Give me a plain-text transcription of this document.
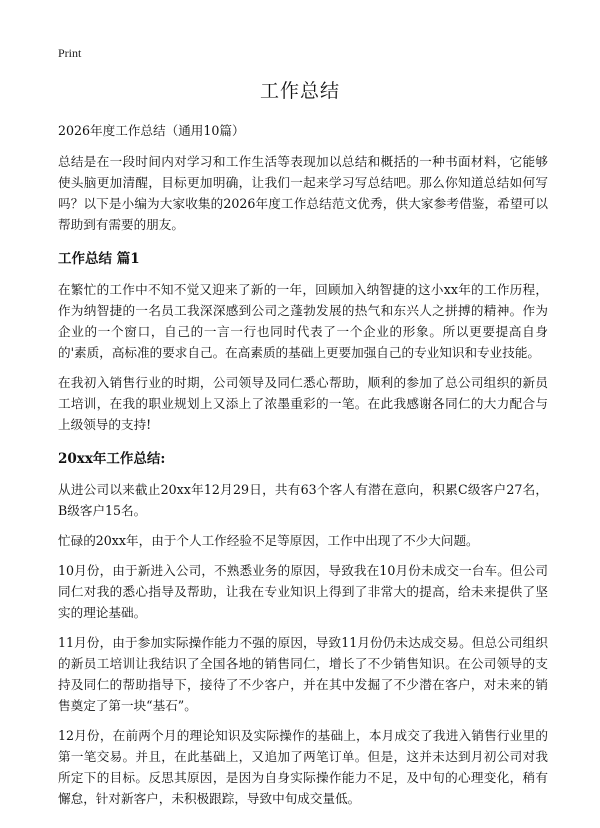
Print
工作总结
2026年度工作总结（通用10篇）

总结是在一段时间内对学习和工作生活等表现加以总结和概括的一种书面材料，它能够使头脑更加清醒，目标更加明确，让我们一起来学习写总结吧。那么你知道总结如何写吗？以下是小编为大家收集的2026年度工作总结范文优秀，供大家参考借鉴，希望可以帮助到有需要的朋友。

工作总结 篇1

在繁忙的工作中不知不觉又迎来了新的一年，回顾加入纳智捷的这小xx年的工作历程，作为纳智捷的一名员工我深深感到公司之蓬勃发展的热气和东兴人之拼搏的精神。作为企业的一个窗口，自己的一言一行也同时代表了一个企业的形象。所以更要提高自身的'素质，高标准的要求自己。在高素质的基础上更要加强自己的专业知识和专业技能。

在我初入销售行业的时期，公司领导及同仁悉心帮助，顺利的参加了总公司组织的新员工培训，在我的职业规划上又添上了浓墨重彩的一笔。在此我感谢各同仁的大力配合与上级领导的支持!

20xx年工作总结:

从进公司以来截止20xx年12月29日，共有63个客人有潜在意向，积累C级客户27名，B级客户15名。

忙碌的20xx年，由于个人工作经验不足等原因，工作中出现了不少大问题。

10月份，由于新进入公司，不熟悉业务的原因，导致我在10月份未成交一台车。但公司同仁对我的悉心指导及帮助，让我在专业知识上得到了非常大的提高，给未来提供了坚实的理论基础。

11月份，由于参加实际操作能力不强的原因，导致11月份仍未达成交易。但总公司组织的新员工培训让我结识了全国各地的销售同仁，增长了不少销售知识。在公司领导的支持及同仁的帮助指导下，接待了不少客户，并在其中发掘了不少潜在客户，对未来的销售奠定了第一块“基石”。

12月份，在前两个月的理论知识及实际操作的基础上，本月成交了我进入销售行业里的第一笔交易。并且，在此基础上，又追加了两笔订单。但是，这并未达到月初公司对我所定下的目标。反思其原因，是因为自身实际操作能力不足，及中旬的心理变化，稍有懈怠，针对新客户，未积极跟踪，导致中旬成交量低。
